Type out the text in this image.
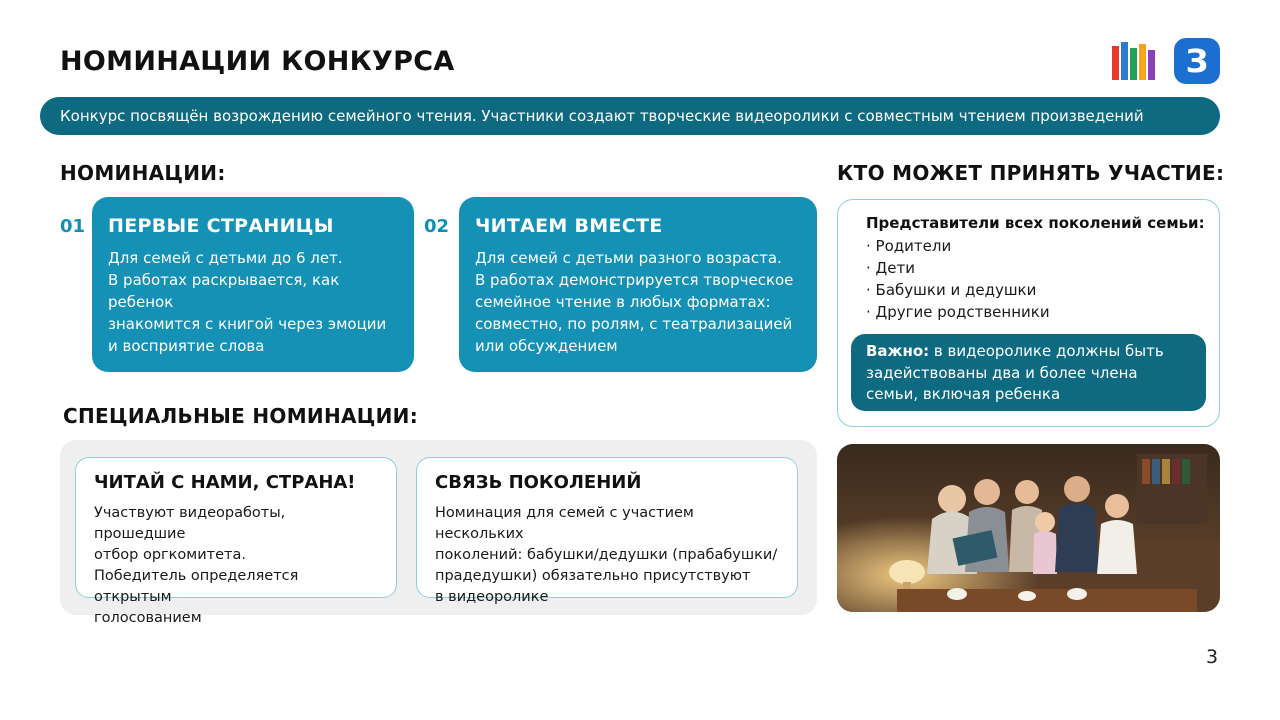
НОМИНАЦИИ КОНКУРСА	З
Конкурс посвящён возрождению семейного чтения. Участники создают творческие видеоролики с совместным чтением произведений
НОМИНАЦИИ:
01 ПЕРВЫЕ СТРАНИЦЫ
Для семей с детьми до 6 лет.
В работах раскрывается, как ребенок
знакомится с книгой через эмоции
и восприятие слова
02 ЧИТАЕМ ВМЕСТЕ
Для семей с детьми разного возраста.
В работах демонстрируется творческое
семейное чтение в любых форматах:
совместно, по ролям, с театрализацией
или обсуждением
СПЕЦИАЛЬНЫЕ НОМИНАЦИИ:
ЧИТАЙ С НАМИ, СТРАНА!
Участвуют видеоработы, прошедшие
отбор оргкомитета.
Победитель определяется открытым
голосованием
СВЯЗЬ ПОКОЛЕНИЙ
Номинация для семей с участием нескольких
поколений: бабушки/дедушки (прабабушки/
прадедушки) обязательно присутствуют
в видеоролике
КТО МОЖЕТ ПРИНЯТЬ УЧАСТИЕ:
Представители всех поколений семьи:
· Родители
· Дети
· Бабушки и дедушки
· Другие родственники
Важно: в видеоролике должны быть задействованы два и более члена семьи, включая ребенка
3
